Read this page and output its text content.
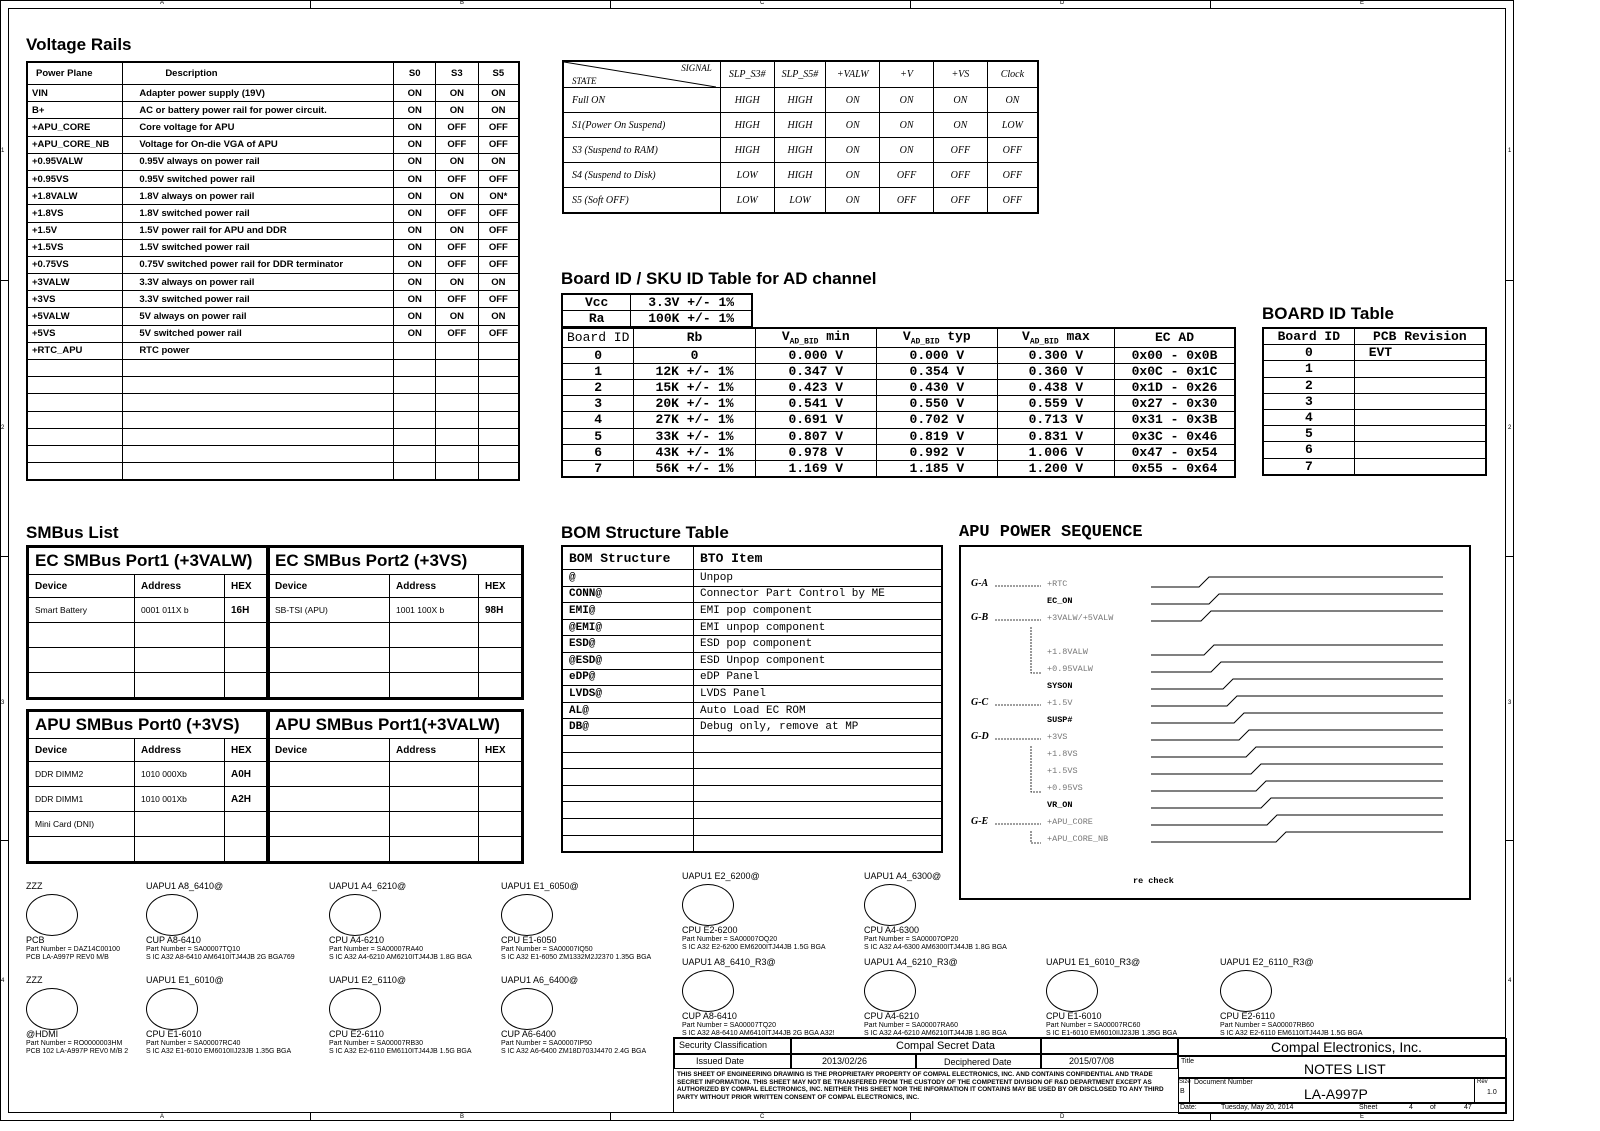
A
A
B
B
C
C
D
D
E
E
1	1
2	2
3	3
4	4
Voltage Rails
Power Plane	Description	S0	S3	S5
VIN	Adapter power supply (19V)	ON	ON	ON
B+	AC or battery power rail for power circuit.	ON	ON	ON
+APU_CORE	Core voltage for APU	ON	OFF	OFF
+APU_CORE_NB	Voltage for On-die VGA of APU	ON	OFF	OFF
+0.95VALW	0.95V always on power rail	ON	ON	ON
+0.95VS	0.95V switched power rail	ON	OFF	OFF
+1.8VALW	1.8V always on power rail	ON	ON	ON*
+1.8VS	1.8V switched power rail	ON	OFF	OFF
+1.5V	1.5V power rail for APU and DDR	ON	ON	OFF
+1.5VS	1.5V switched power rail	ON	OFF	OFF
+0.75VS	0.75V switched power rail for DDR terminator	ON	OFF	OFF
+3VALW	3.3V always on power rail	ON	ON	ON
+3VS	3.3V switched power rail	ON	OFF	OFF
+5VALW	5V always on power rail	ON	ON	ON
+5VS	5V switched power rail	ON	OFF	OFF
+RTC_APU	RTC power			

SIGNAL
STATE	SLP_S3#	SLP_S5#	+VALW	+V	+VS	Clock
Full ON	HIGH	HIGH	ON	ON	ON	ON
S1(Power On Suspend)	HIGH	HIGH	ON	ON	ON	LOW
S3 (Suspend to RAM)	HIGH	HIGH	ON	ON	OFF	OFF
S4 (Suspend to Disk)	LOW	HIGH	ON	OFF	OFF	OFF
S5 (Soft OFF)	LOW	LOW	ON	OFF	OFF	OFF
Board ID / SKU ID Table for AD channel
Vcc	3.3V +/- 1%
Ra	100K +/- 1%
Board ID	Rb	$V_{AD\_BID}$ min	$V_{AD\_BID}$ typ	$V_{AD\_BID}$ max	EC AD
0	0	0.000 V	0.000 V	0.300 V	0x00 - 0x0B
1	12K +/- 1%	0.347 V	0.354 V	0.360 V	0x0C - 0x1C
2	15K +/- 1%	0.423 V	0.430 V	0.438 V	0x1D - 0x26
3	20K +/- 1%	0.541 V	0.550 V	0.559 V	0x27 - 0x30
4	27K +/- 1%	0.691 V	0.702 V	0.713 V	0x31 - 0x3B
5	33K +/- 1%	0.807 V	0.819 V	0.831 V	0x3C - 0x46
6	43K +/- 1%	0.978 V	0.992 V	1.006 V	0x47 - 0x54
7	56K +/- 1%	1.169 V	1.185 V	1.200 V	0x55 - 0x64
BOARD ID Table
Board ID	PCB Revision
0	EVT
1	
2	
3	
4	
5	
6	
7	
SMBus List
EC SMBus Port1 (+3VALW)		
Device	Address	HEX
Smart Battery	0001 011X b	16H

EC SMBus Port2 (+3VS)		
Device	Address	HEX
SB-TSI (APU)	1001 100X b	98H

APU SMBus Port0 (+3VS)		
Device	Address	HEX
DDR DIMM2	1010 000Xb	A0H
DDR DIMM1	1010 001Xb	A2H
Mini Card (DNI)		

APU SMBus Port1(+3VALW)		
Device	Address	HEX

BOM Structure Table
BOM Structure	BTO Item
@	Unpop
CONN@	Connector Part Control by ME
EMI@	EMI pop component
@EMI@	EMI unpop component
ESD@	ESD pop component
@ESD@	ESD Unpop component
eDP@	eDP Panel
LVDS@	LVDS Panel
AL@	Auto Load EC ROM
DB@	Debug only, remove at MP

APU POWER SEQUENCE
+RTC
EC_ON
+3VALW/+5VALW
+1.8VALW
+0.95VALW
SYSON
+1.5V
SUSP#
+3VS
+1.8VS
+1.5VS
+0.95VS
VR_ON
+APU_CORE
+APU_CORE_NB
G-A
G-B
G-C
G-D
G-E
re check
ZZZ
PCB
Part Number = DAZ14C00100
PCB LA-A997P REV0 M/B
UAPU1 A8_6410@
CUP A8-6410
Part Number = SA00007TQ10
S IC A32 A8-6410 AM6410ITJ44JB 2G BGA769
UAPU1 A4_6210@
CPU A4-6210
Part Number = SA00007RA40
S IC A32 A4-6210 AM6210ITJ44JB 1.8G BGA
UAPU1 E1_6050@
CPU E1-6050
Part Number = SA00007IQ50
S IC A32 E1-6050 ZM1332M2J2370 1.35G BGA
UAPU1 E2_6200@
CPU E2-6200
Part Number = SA00007OQ20
S IC A32 E2-6200 EM6200ITJ44JB 1.5G BGA
UAPU1 A4_6300@
CPU A4-6300
Part Number = SA00007OP20
S IC A32 A4-6300 AM6300ITJ44JB 1.8G BGA
ZZZ
@HDMI
Part Number = RO0000003HM
PCB 102 LA-A997P REV0 M/B 2
UAPU1 E1_6010@
CPU E1-6010
Part Number = SA00007RC40
S IC A32 E1-6010 EM6010IIJ23JB 1.35G BGA
UAPU1 E2_6110@
CPU E2-6110
Part Number = SA00007RB30
S IC A32 E2-6110 EM6110ITJ44JB 1.5G BGA
UAPU1 A6_6400@
CUP A6-6400
Part Number = SA00007IP50
S IC A32 A6-6400 ZM18D703J4470 2.4G BGA
UAPU1 A8_6410_R3@
CUP A8-6410
Part Number = SA00007TQ20
S IC A32 A8-6410 AM6410ITJ44JB 2G BGA A32!
UAPU1 A4_6210_R3@
CPU A4-6210
Part Number = SA00007RA60
S IC A32 A4-6210 AM6210ITJ44JB 1.8G BGA
UAPU1 E1_6010_R3@
CPU E1-6010
Part Number = SA00007RC60
S IC E1-6010 EM6010IIJ23JB 1.35G BGA
UAPU1 E2_6110_R3@
CPU E2-6110
Part Number = SA00007RB60
S IC A32 E2-6110 EM6110ITJ44JB 1.5G BGA
Security Classification	Compal Secret Data
Issued Date	2013/02/26	Deciphered Date	2015/07/08
THIS SHEET OF ENGINEERING DRAWING IS THE PROPRIETARY PROPERTY OF COMPAL ELECTRONICS, INC. AND CONTAINS CONFIDENTIAL AND TRADE SECRET INFORMATION. THIS SHEET MAY NOT BE TRANSFERED FROM THE CUSTODY OF THE COMPETENT DIVISION OF R&D DEPARTMENT EXCEPT AS AUTHORIZED BY COMPAL ELECTRONICS, INC. NEITHER THIS SHEET NOR THE INFORMATION IT CONTAINS MAY BE USED BY OR DISCLOSED TO ANY THIRD PARTY WITHOUT PRIOR WRITTEN CONSENT OF COMPAL ELECTRONICS, INC.
Compal Electronics, Inc.
Title	NOTES LIST
Size
B
Document Number
LA-A997P
Rev
1.0
Date:	Tuesday, May 20, 2014	Sheet	4 of	47
